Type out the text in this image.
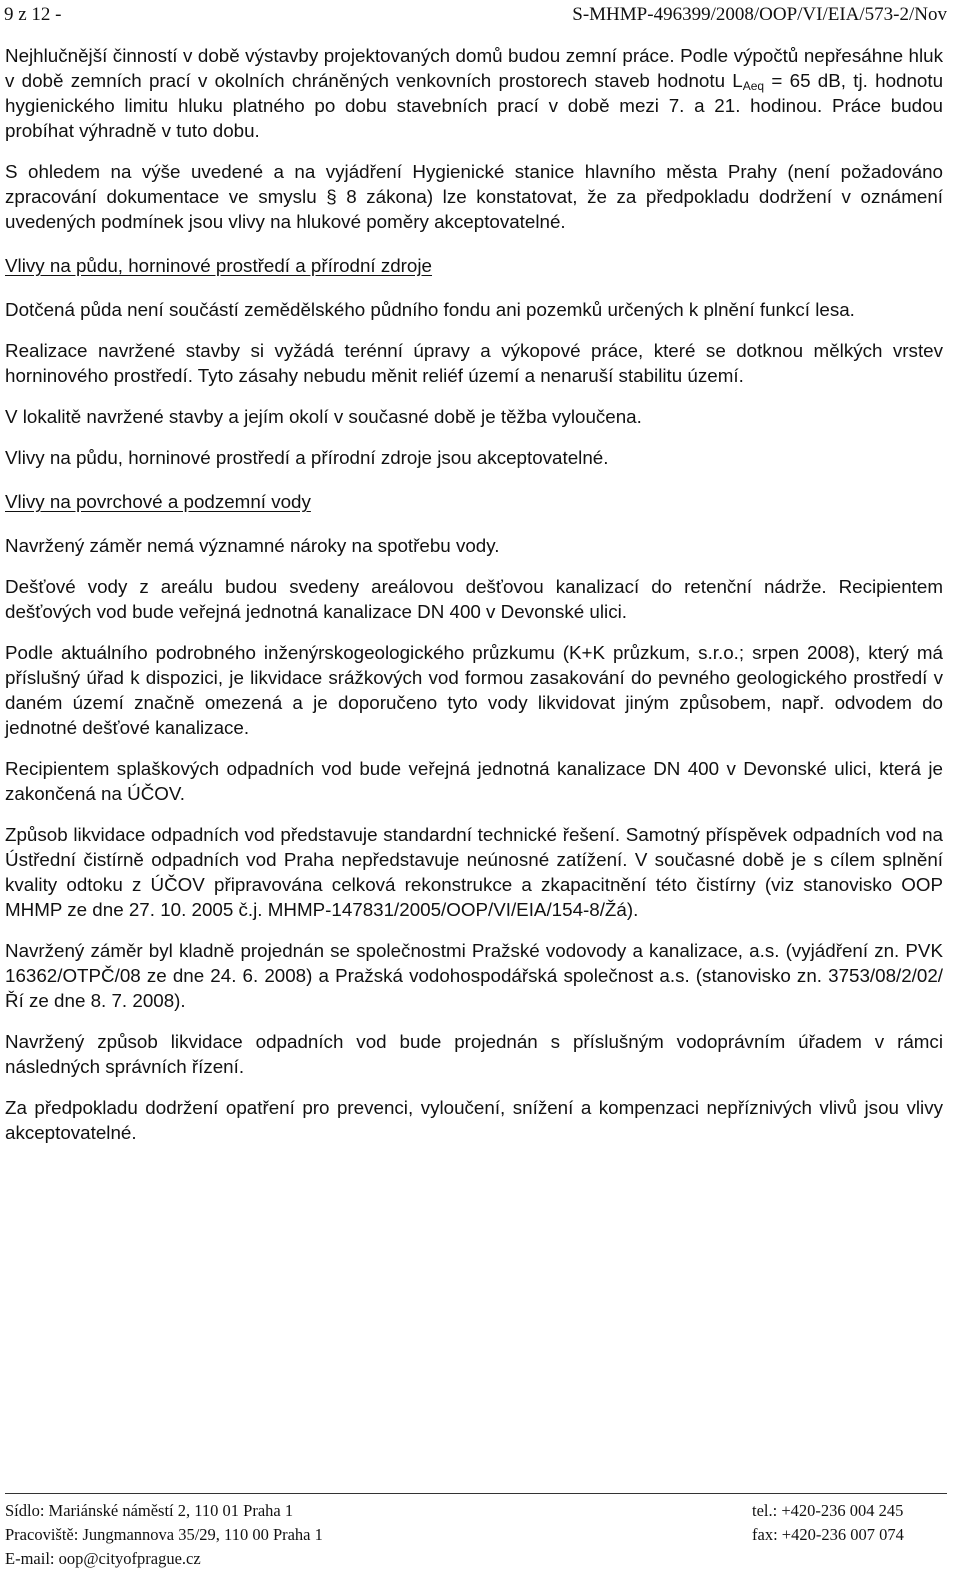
9 z 12 -	S-MHMP-496399/2008/OOP/VI/EIA/573-2/Nov

Nejhlučnější činností v době výstavby projektovaných domů budou zemní práce. Podle výpočtů nepřesáhne hluk v době zemních prací v okolních chráněných venkovních prostorech staveb hodnotu $L_{Aeq} = 65$ dB, tj. hodnotu hygienického limitu hluku platného po dobu stavebních prací v době mezi 7. a 21. hodinou. Práce budou probíhat výhradně v tuto dobu.

S ohledem na výše uvedené a na vyjádření Hygienické stanice hlavního města Prahy (není požadováno zpracování dokumentace ve smyslu § 8 zákona) lze konstatovat, že za předpokladu dodržení v oznámení uvedených podmínek jsou vlivy na hlukové poměry akceptovatelné.

Vlivy na půdu, horninové prostředí a přírodní zdroje

Dotčená půda není součástí zemědělského půdního fondu ani pozemků určených k plnění funkcí lesa.

Realizace navržené stavby si vyžádá terénní úpravy a výkopové práce, které se dotknou mělkých vrstev horninového prostředí. Tyto zásahy nebudu měnit reliéf území a nenaruší stabilitu území.

V lokalitě navržené stavby a jejím okolí v současné době je těžba vyloučena.

Vlivy na půdu, horninové prostředí a přírodní zdroje jsou akceptovatelné.

Vlivy na povrchové a podzemní vody

Navržený záměr nemá významné nároky na spotřebu vody.

Dešťové vody z areálu budou svedeny areálovou dešťovou kanalizací do retenční nádrže. Recipientem dešťových vod bude veřejná jednotná kanalizace DN 400 v Devonské ulici.

Podle aktuálního podrobného inženýrskogeologického průzkumu (K+K průzkum, s.r.o.; srpen 2008), který má příslušný úřad k dispozici, je likvidace srážkových vod formou zasakování do pevného geologického prostředí v daném území značně omezená a je doporučeno tyto vody likvidovat jiným způsobem, např. odvodem do jednotné dešťové kanalizace.

Recipientem splaškových odpadních vod bude veřejná jednotná kanalizace DN 400 v Devonské ulici, která je zakončená na ÚČOV.

Způsob likvidace odpadních vod představuje standardní technické řešení. Samotný příspěvek odpadních vod na Ústřední čistírně odpadních vod Praha nepředstavuje neúnosné zatížení. V současné době je s cílem splnění kvality odtoku z ÚČOV připravována celková rekonstrukce a zkapacitnění této čistírny (viz stanovisko OOP MHMP ze dne 27. 10. 2005 č.j. MHMP-147831/2005/OOP/VI/EIA/154-8/Žá).

Navržený záměr byl kladně projednán se společnostmi Pražské vodovody a kanalizace, a.s. (vyjádření zn. PVK 16362/OTPČ/08 ze dne 24. 6. 2008) a Pražská vodohospodářská společnost a.s. (stanovisko zn. 3753/08/2/02/Ří ze dne 8. 7. 2008).

Navržený způsob likvidace odpadních vod bude projednán s příslušným vodoprávním úřadem v rámci následných správních řízení.

Za předpokladu dodržení opatření pro prevenci, vyloučení, snížení a kompenzaci nepříznivých vlivů jsou vlivy akceptovatelné.

Sídlo: Mariánské náměstí 2, 110 01 Praha 1
Pracoviště: Jungmannova 35/29, 110 00 Praha 1
E-mail: oop@cityofprague.cz
tel.: +420-236 004 245
fax: +420-236 007 074
